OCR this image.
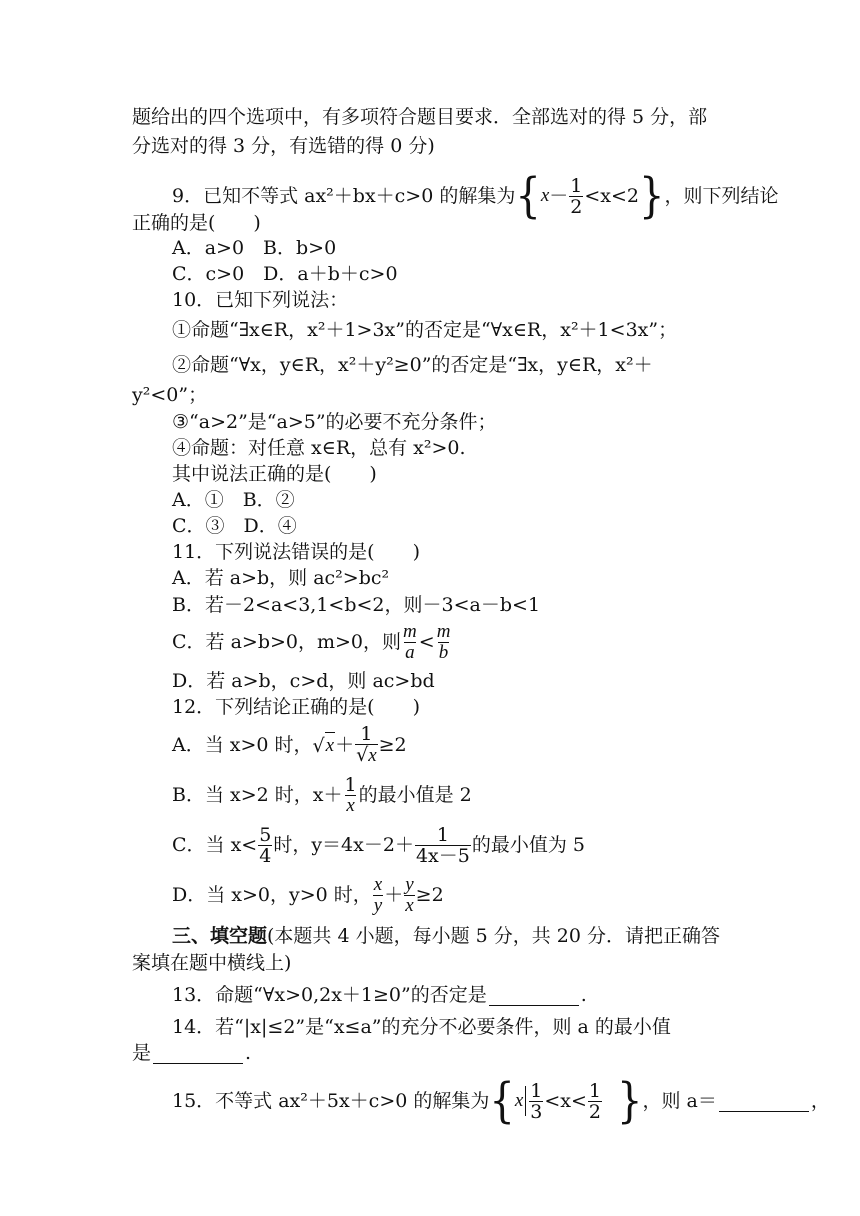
题给出的四个选项中，有多项符合题目要求．全部选对的得 5 分，部
分选对的得 3 分，有选错的得 0 分)
9．已知不等式 ax²＋bx＋c>0 的解集为 { $x - \frac{1}{2} <x<2$ } ，则下列结论
正确的是(　　)
A．a>0　B．b>0
C．c>0　D．a＋b＋c>0
10．已知下列说法：
①命题“∃x∈R，x²＋1>3x”的否定是“∀x∈R，x²＋1<3x”；
②命题“∀x，y∈R，x²＋y²≥0”的否定是“∃x，y∈R，x²＋
y²<0”；
③“a>2”是“a>5”的必要不充分条件；
④命题：对任意 x∈R，总有 x²>0.
其中说法正确的是(　　)
A．①　B．②
C．③　D．④
11．下列说法错误的是(　　)
A．若 a>b，则 ac²>bc²
B．若－2<a<3,1<b<2，则－3<a－b<1
C．若 a>b>0，m>0，则 $\frac{m}{a} < \frac{m}{b}$
D．若 a>b，c>d，则 ac>bd
12．下列结论正确的是(　　)
A．当 x>0 时， √ $x + \frac{1}{√x} \ge 2$
B．当 x>2 时，$x+ \frac{1}{x}$ 的最小值是 2
C．当 $x< \frac{5}{4}$ 时，$y=4x-2+ \frac{1}{4x-5}$ 的最小值为 5
D．当 x>0，y>0 时， $\frac{x}{y} + \frac{y}{x} \ge 2$
三、填空题 (本题共 4 小题，每小题 5 分，共 20 分．请把正确答
案填在题中横线上)
13．命题“∀x>0,2x＋1≥0”的否定是	.
14．若“|x|≤2”是“x≤a”的充分不必要条件，则 a 的最小值
是	.
15．不等式 ax²＋5x＋c>0 的解集为 { x $\frac{1}{3} <x< \frac{1}{2}$ } ，则 a＝	，
